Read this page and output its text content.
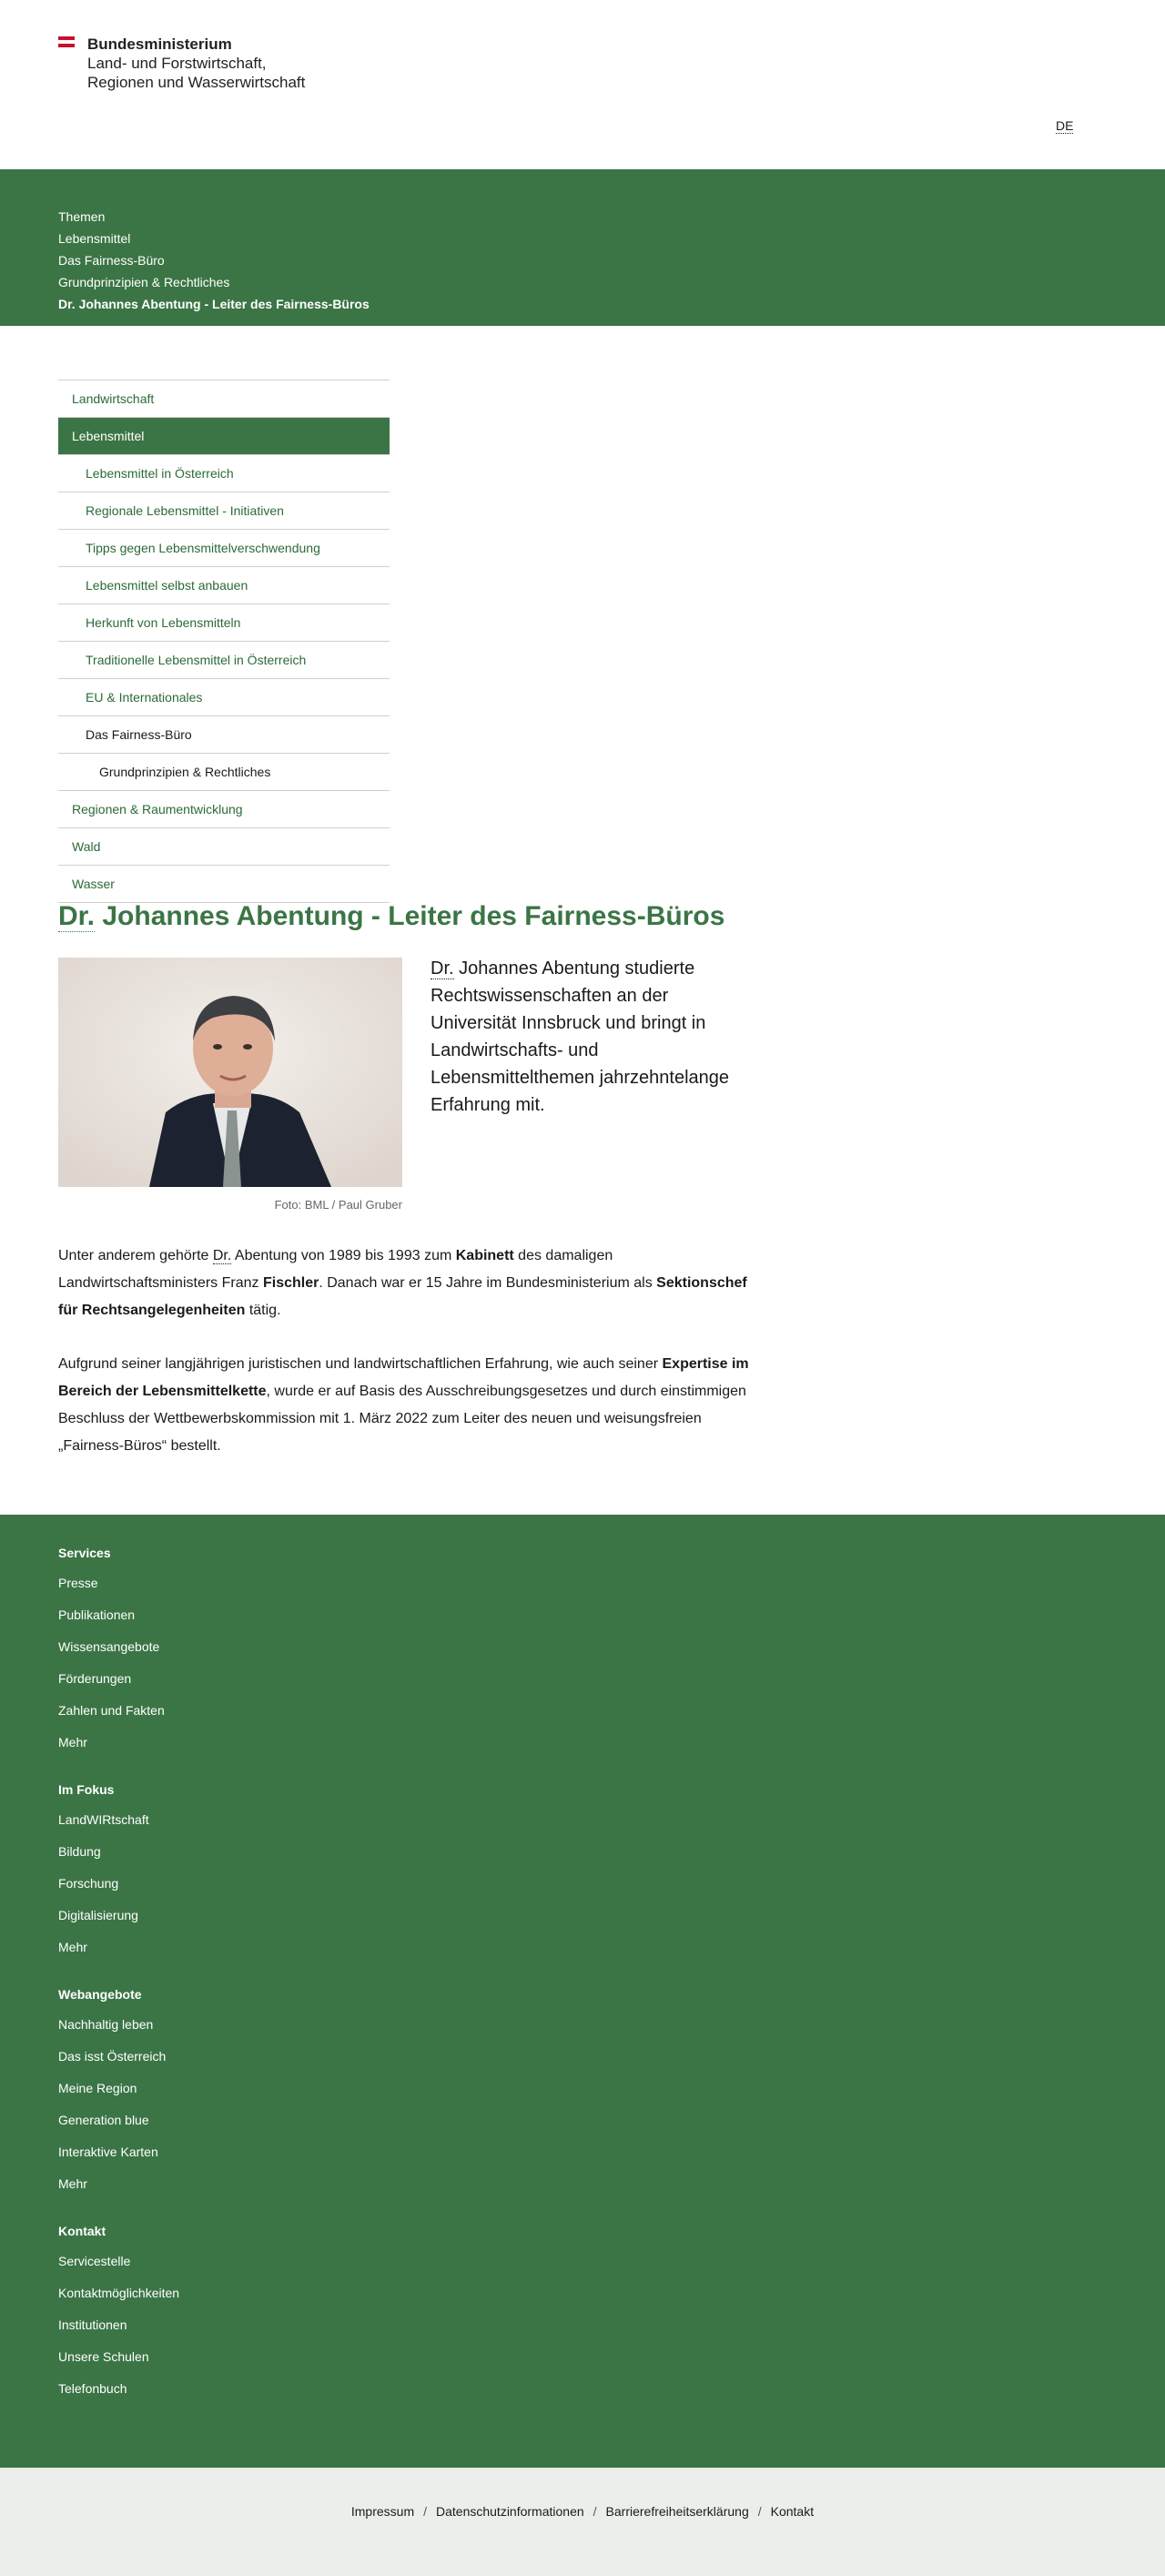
Bundesministerium
Land- und Forstwirtschaft,
Regionen und Wasserwirtschaft
DE
Themen
Lebensmittel
Das Fairness-Büro
Grundprinzipien & Rechtliches
Dr. Johannes Abentung - Leiter des Fairness-Büros
Landwirtschaft
Lebensmittel
Lebensmittel in Österreich
Regionale Lebensmittel - Initiativen
Tipps gegen Lebensmittelverschwendung
Lebensmittel selbst anbauen
Herkunft von Lebensmitteln
Traditionelle Lebensmittel in Österreich
EU & Internationales
Das Fairness-Büro
Grundprinzipien & Rechtliches
Regionen & Raumentwicklung
Wald
Wasser
Dr. Johannes Abentung - Leiter des Fairness-Büros
Foto: BML / Paul Gruber

Dr. Johannes Abentung studierte Rechtswissenschaften an der Universität Innsbruck und bringt in Landwirtschafts- und Lebensmittelthemen jahrzehntelange Erfahrung mit.

Unter anderem gehörte Dr. Abentung von 1989 bis 1993 zum Kabinett des damaligen Landwirtschaftsministers Franz Fischler. Danach war er 15 Jahre im Bundesministerium als Sektionschef für Rechtsangelegenheiten tätig.

Aufgrund seiner langjährigen juristischen und landwirtschaftlichen Erfahrung, wie auch seiner Expertise im Bereich der Lebensmittelkette, wurde er auf Basis des Ausschreibungsgesetzes und durch einstimmigen Beschluss der Wettbewerbskommission mit 1. März 2022 zum Leiter des neuen und weisungsfreien „Fairness-Büros“ bestellt.

Services
Presse
Publikationen
Wissensangebote
Förderungen
Zahlen und Fakten
Mehr
Im Fokus
LandWIRtschaft
Bildung
Forschung
Digitalisierung
Mehr
Webangebote
Nachhaltig leben
Das isst Österreich
Meine Region
Generation blue
Interaktive Karten
Mehr
Kontakt
Servicestelle
Kontaktmöglichkeiten
Institutionen
Unsere Schulen
Telefonbuch
Impressum / Datenschutzinformationen / Barrierefreiheitserklärung / Kontakt
